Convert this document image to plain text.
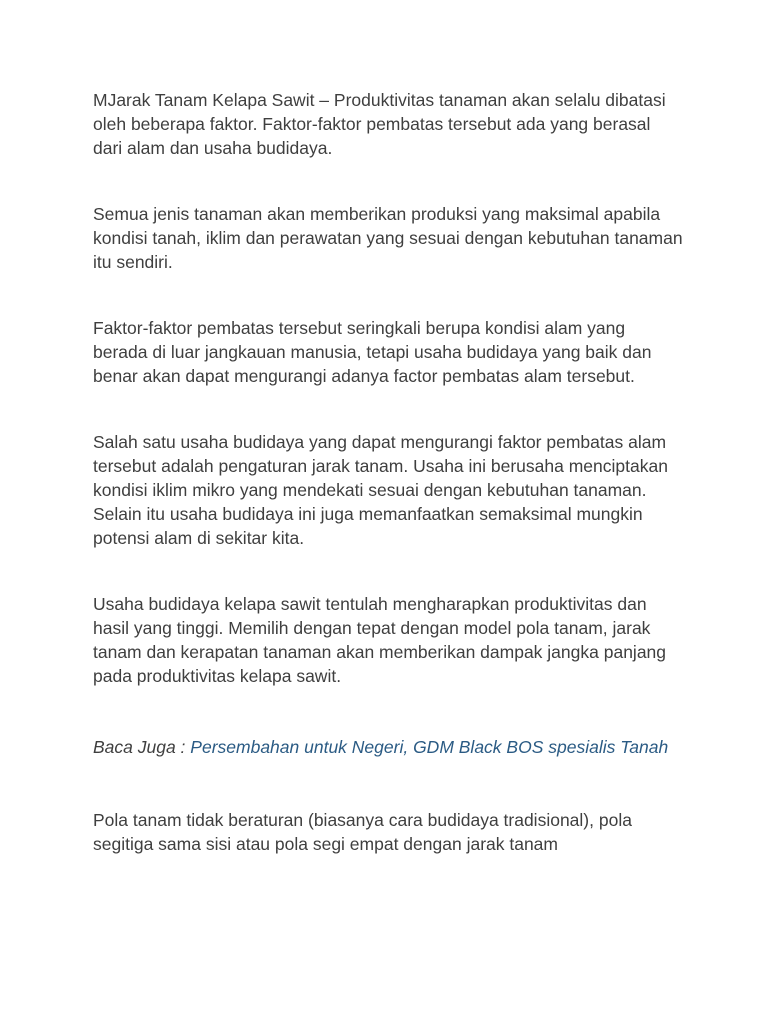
MJarak Tanam Kelapa Sawit – Produktivitas tanaman akan selalu dibatasi oleh beberapa faktor. Faktor-faktor pembatas tersebut ada yang berasal dari alam dan usaha budidaya.

Semua jenis tanaman akan memberikan produksi yang maksimal apabila kondisi tanah, iklim dan perawatan yang sesuai dengan kebutuhan tanaman itu sendiri.

Faktor-faktor pembatas tersebut seringkali berupa kondisi alam yang berada di luar jangkauan manusia, tetapi usaha budidaya yang baik dan benar akan dapat mengurangi adanya factor pembatas alam tersebut.

Salah satu usaha budidaya yang dapat mengurangi faktor pembatas alam tersebut adalah pengaturan jarak tanam. Usaha ini berusaha menciptakan kondisi iklim mikro yang mendekati sesuai dengan kebutuhan tanaman. Selain itu usaha budidaya ini juga memanfaatkan semaksimal mungkin potensi alam di sekitar kita.

Usaha budidaya kelapa sawit tentulah mengharapkan produktivitas dan hasil yang tinggi. Memilih dengan tepat dengan model pola tanam, jarak tanam dan kerapatan tanaman akan memberikan dampak jangka panjang pada produktivitas kelapa sawit.

Baca Juga : Persembahan untuk Negeri, GDM Black BOS spesialis Tanah

Pola tanam tidak beraturan (biasanya cara budidaya tradisional), pola segitiga sama sisi atau pola segi empat dengan jarak tanam
